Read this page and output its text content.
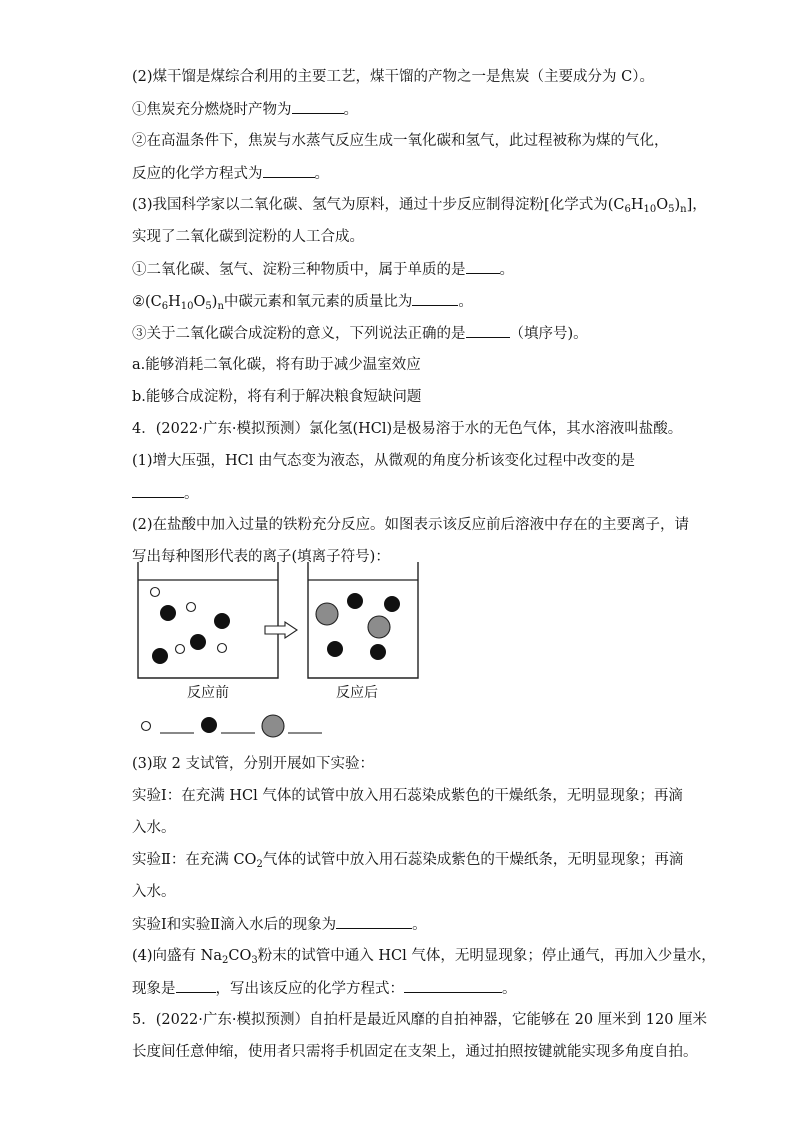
(2)煤干馏是煤综合利用的主要工艺，煤干馏的产物之一是焦炭（主要成分为 C）。
①焦炭充分燃烧时产物为	。
②在高温条件下，焦炭与水蒸气反应生成一氧化碳和氢气，此过程被称为煤的气化，
反应的化学方程式为	。
(3)我国科学家以二氧化碳、氢气为原料，通过十步反应制得淀粉[化学式为$(C_6H_{10}O_5)_n$]，
实现了二氧化碳到淀粉的人工合成。
①二氧化碳、氢气、淀粉三种物质中，属于单质的是 。
$②(C_6H_{10}O_5)_n$中碳元素和氧元素的质量比为	。
③关于二氧化碳合成淀粉的意义，下列说法正确的是	（填序号)。
a.能够消耗二氧化碳，将有助于减少温室效应
b.能够合成淀粉，将有利于解决粮食短缺问题
4．(2022·广东·模拟预测）氯化氢(HCl)是极易溶于水的无色气体，其水溶液叫盐酸。
(1)增大压强，HCl 由气态变为液态，从微观的角度分析该变化过程中改变的是
。
(2)在盐酸中加入过量的铁粉充分反应。如图表示该反应前后溶液中存在的主要离子，请
写出每种图形代表的离子(填离子符号)：
反应前	反应后
(3)取 2 支试管，分别开展如下实验：
实验Ⅰ：在充满 HCl 气体的试管中放入用石蕊染成紫色的干燥纸条，无明显现象；再滴
入水。
实验Ⅱ：在充满 $CO_2$气体的试管中放入用石蕊染成紫色的干燥纸条，无明显现象；再滴
入水。
实验Ⅰ和实验Ⅱ滴入水后的现象为	。
(4)向盛有 $Na_2CO_3$粉末的试管中通入 HCl 气体，无明显现象；停止通气，再加入少量水，
现象是	，写出该反应的化学方程式：	。
5．(2022·广东·模拟预测）自拍杆是最近风靡的自拍神器，它能够在 20 厘米到 120 厘米
长度间任意伸缩，使用者只需将手机固定在支架上，通过拍照按键就能实现多角度自拍。
